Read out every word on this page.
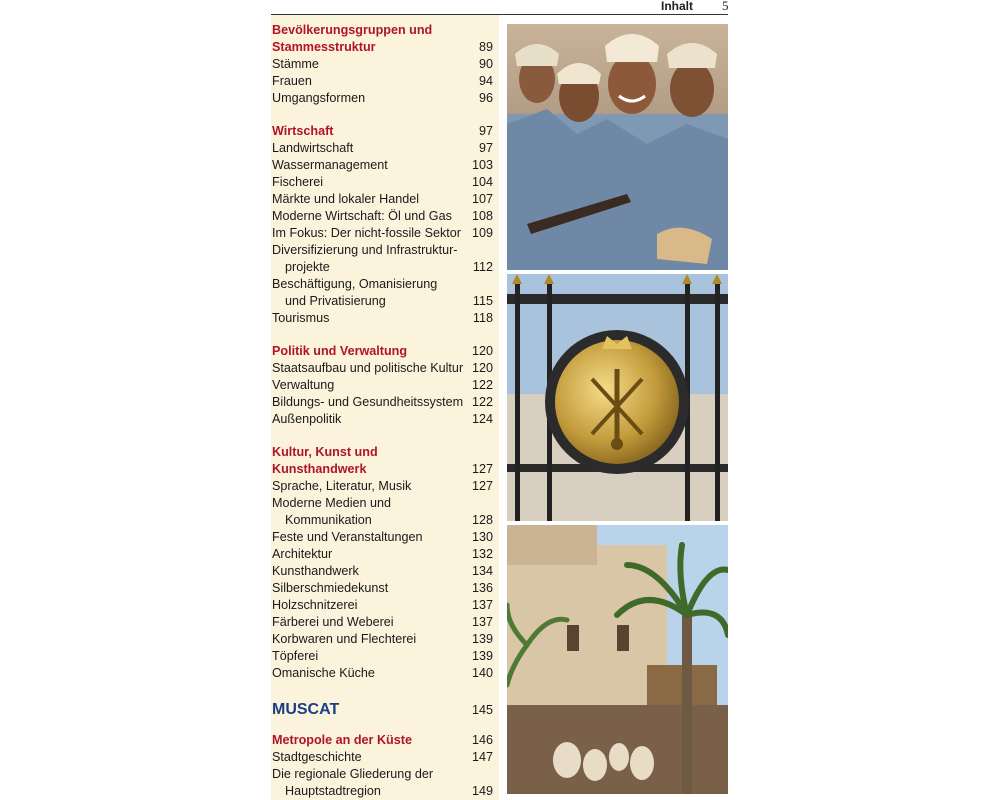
Inhalt 5
Bevölkerungsgruppen und
Stammesstruktur	89
Stämme	90
Frauen	94
Umgangsformen	96
Wirtschaft	97
Landwirtschaft	97
Wassermanagement	103
Fischerei	104
Märkte und lokaler Handel	107
Moderne Wirtschaft: Öl und Gas 108
Im Fokus: Der nicht-fossile Sektor 109
Diversifizierung und Infrastruktur-
projekte	112
Beschäftigung, Omanisierung
und Privatisierung	115
Tourismus	118
Politik und Verwaltung	120
Staatsaufbau und politische Kultur 120
Verwaltung	122
Bildungs- und Gesundheitssystem 122
Außenpolitik	124
Kultur, Kunst und
Kunsthandwerk	127
Sprache, Literatur, Musik	127
Moderne Medien und
Kommunikation	128
Feste und Veranstaltungen	130
Architektur	132
Kunsthandwerk	134
Silberschmiedekunst	136
Holzschnitzerei	137
Färberei und Weberei	137
Korbwaren und Flechterei	139
Töpferei	139
Omanische Küche	140
MUSCAT	145
Metropole an der Küste	146
Stadtgeschichte	147
Die regionale Gliederung der
Hauptstadtregion	149
